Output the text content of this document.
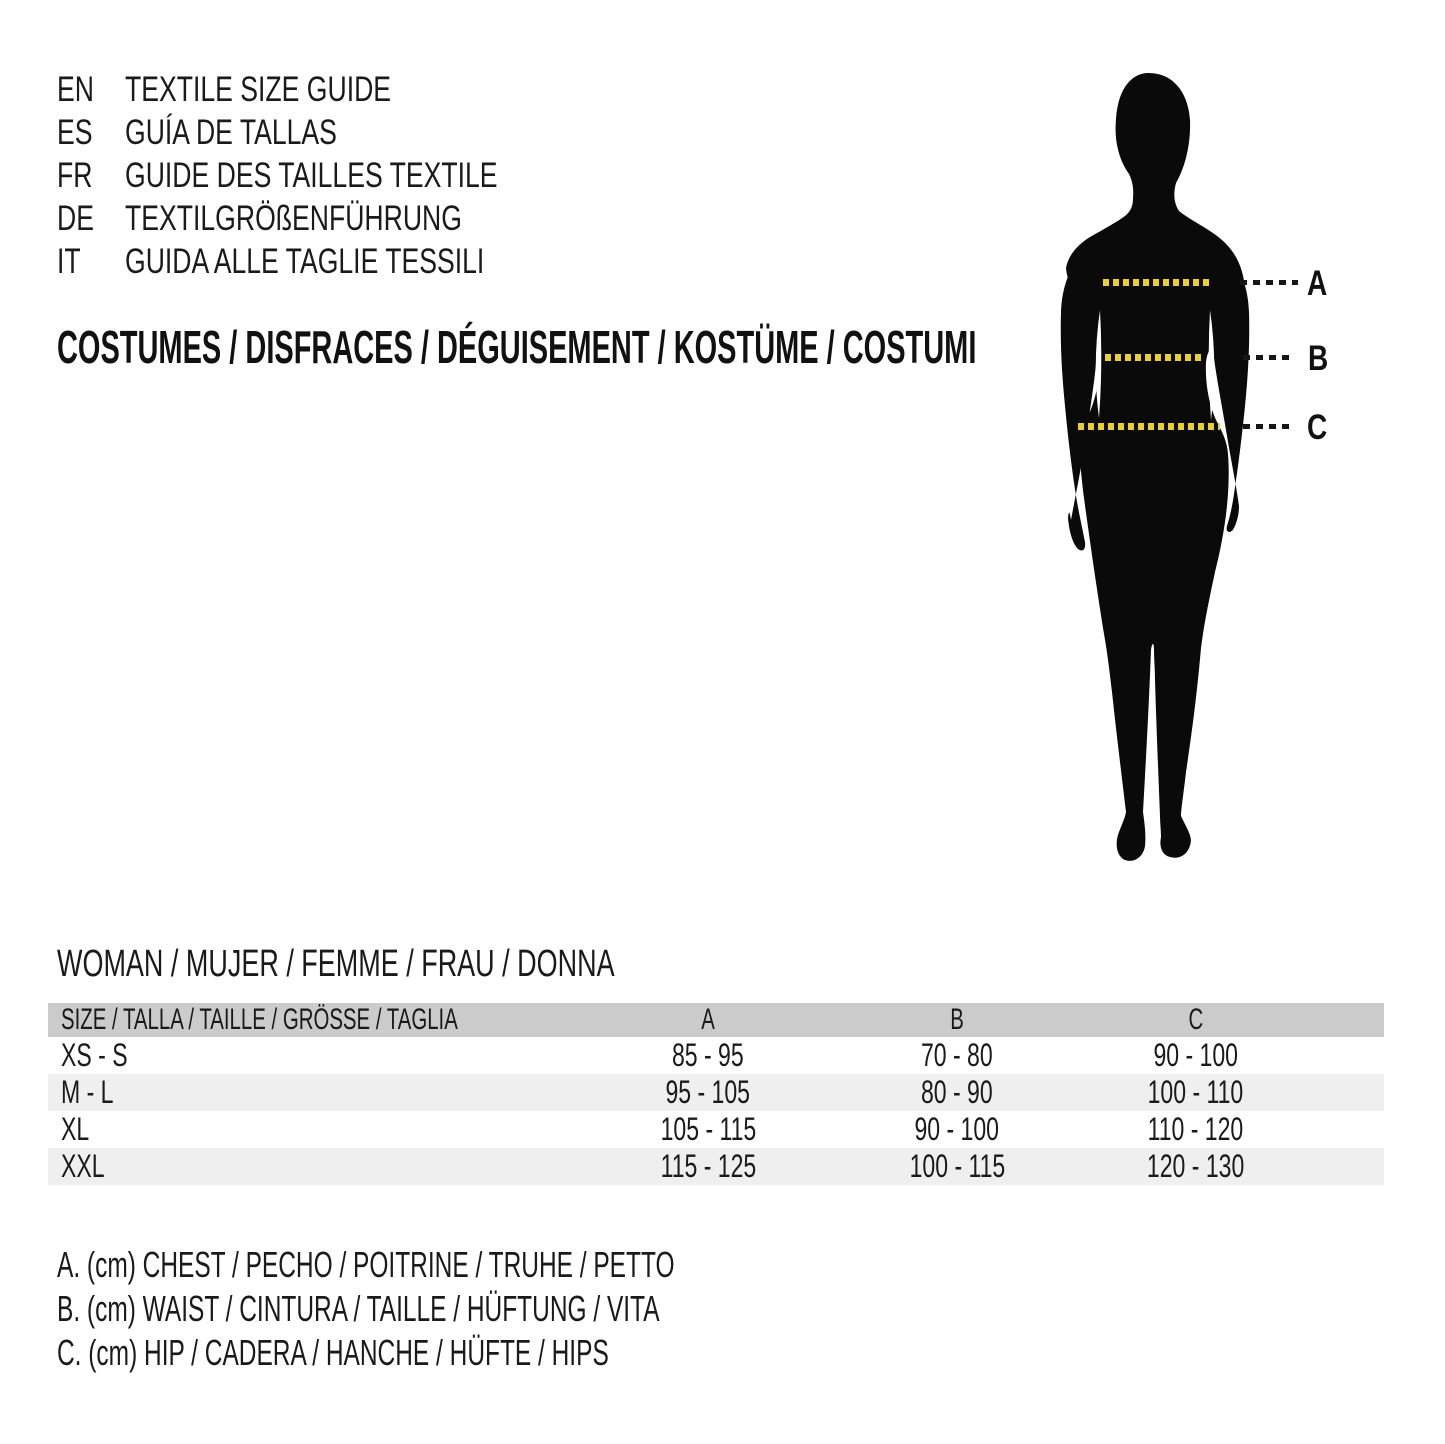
EN TEXTILE SIZE GUIDE
ES GUÍA DE TALLAS
FR GUIDE DES TAILLES TEXTILE
DE TEXTILGRÖßENFÜHRUNG
IT GUIDA ALLE TAGLIE TESSILI
COSTUMES / DISFRACES / DÉGUISEMENT / KOSTÜME / COSTUMI
A
B
C
WOMAN / MUJER / FEMME / FRAU / DONNA
SIZE / TALLA / TAILLE / GRÖSSE / TAGLIA	A	B	C	
XS - S	85 - 95	70 - 80	90 - 100	
M - L	95 - 105	80 - 90	100 - 110	
XL	105 - 115	90 - 100	110 - 120	
XXL	115 - 125	100 - 115	120 - 130	
A. (cm) CHEST / PECHO / POITRINE / TRUHE / PETTO
B. (cm) WAIST / CINTURA / TAILLE / HÜFTUNG / VITA
C. (cm) HIP / CADERA / HANCHE / HÜFTE / HIPS
